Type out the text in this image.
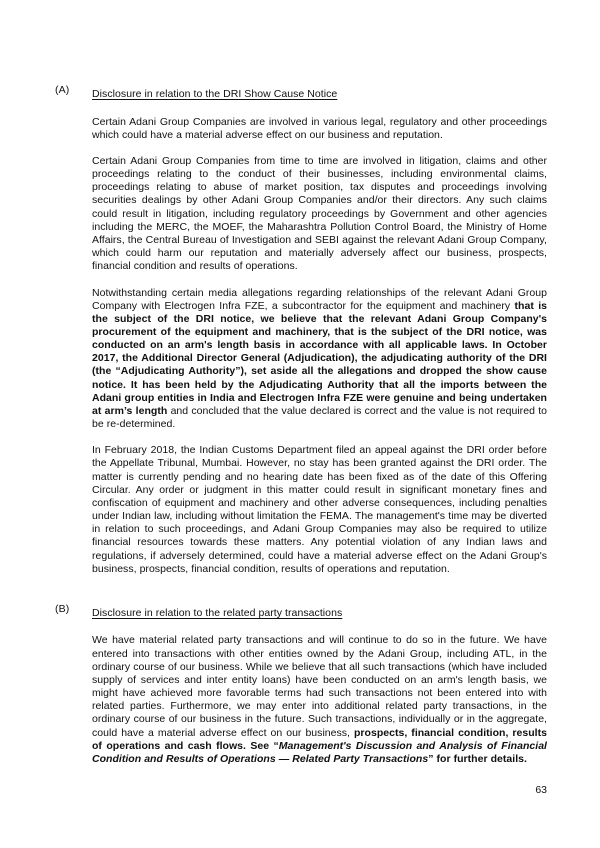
(A)	Disclosure in relation to the DRI Show Cause Notice

Certain Adani Group Companies are involved in various legal, regulatory and other proceedings which could have a material adverse effect on our business and reputation.

Certain Adani Group Companies from time to time are involved in litigation, claims and other proceedings relating to the conduct of their businesses, including environmental claims, proceedings relating to abuse of market position, tax disputes and proceedings involving securities dealings by other Adani Group Companies and/or their directors. Any such claims could result in litigation, including regulatory proceedings by Government and other agencies including the MERC, the MOEF, the Maharashtra Pollution Control Board, the Ministry of Home Affairs, the Central Bureau of Investigation and SEBI against the relevant Adani Group Company, which could harm our reputation and materially adversely affect our business, prospects, financial condition and results of operations.

Notwithstanding certain media allegations regarding relationships of the relevant Adani Group Company with Electrogen Infra FZE, a subcontractor for the equipment and machinery that is the subject of the DRI notice, we believe that the relevant Adani Group Company's procurement of the equipment and machinery, that is the subject of the DRI notice, was conducted on an arm's length basis in accordance with all applicable laws. In October 2017, the Additional Director General (Adjudication), the adjudicating authority of the DRI (the “Adjudicating Authority”), set aside all the allegations and dropped the show cause notice. It has been held by the Adjudicating Authority that all the imports between the Adani group entities in India and Electrogen Infra FZE were genuine and being undertaken at arm’s length and concluded that the value declared is correct and the value is not required to be re-determined.

In February 2018, the Indian Customs Department filed an appeal against the DRI order before the Appellate Tribunal, Mumbai. However, no stay has been granted against the DRI order. The matter is currently pending and no hearing date has been fixed as of the date of this Offering Circular. Any order or judgment in this matter could result in significant monetary fines and confiscation of equipment and machinery and other adverse consequences, including penalties under Indian law, including without limitation the FEMA. The management's time may be diverted in relation to such proceedings, and Adani Group Companies may also be required to utilize financial resources towards these matters. Any potential violation of any Indian laws and regulations, if adversely determined, could have a material adverse effect on the Adani Group's business, prospects, financial condition, results of operations and reputation.

(B)	Disclosure in relation to the related party transactions

We have material related party transactions and will continue to do so in the future. We have entered into transactions with other entities owned by the Adani Group, including ATL, in the ordinary course of our business. While we believe that all such transactions (which have included supply of services and inter entity loans) have been conducted on an arm's length basis, we might have achieved more favorable terms had such transactions not been entered into with related parties. Furthermore, we may enter into additional related party transactions, in the ordinary course of our business in the future. Such transactions, individually or in the aggregate, could have a material adverse effect on our business, prospects, financial condition, results of operations and cash flows. See “Management's Discussion and Analysis of Financial Condition and Results of Operations — Related Party Transactions” for further details.

63
